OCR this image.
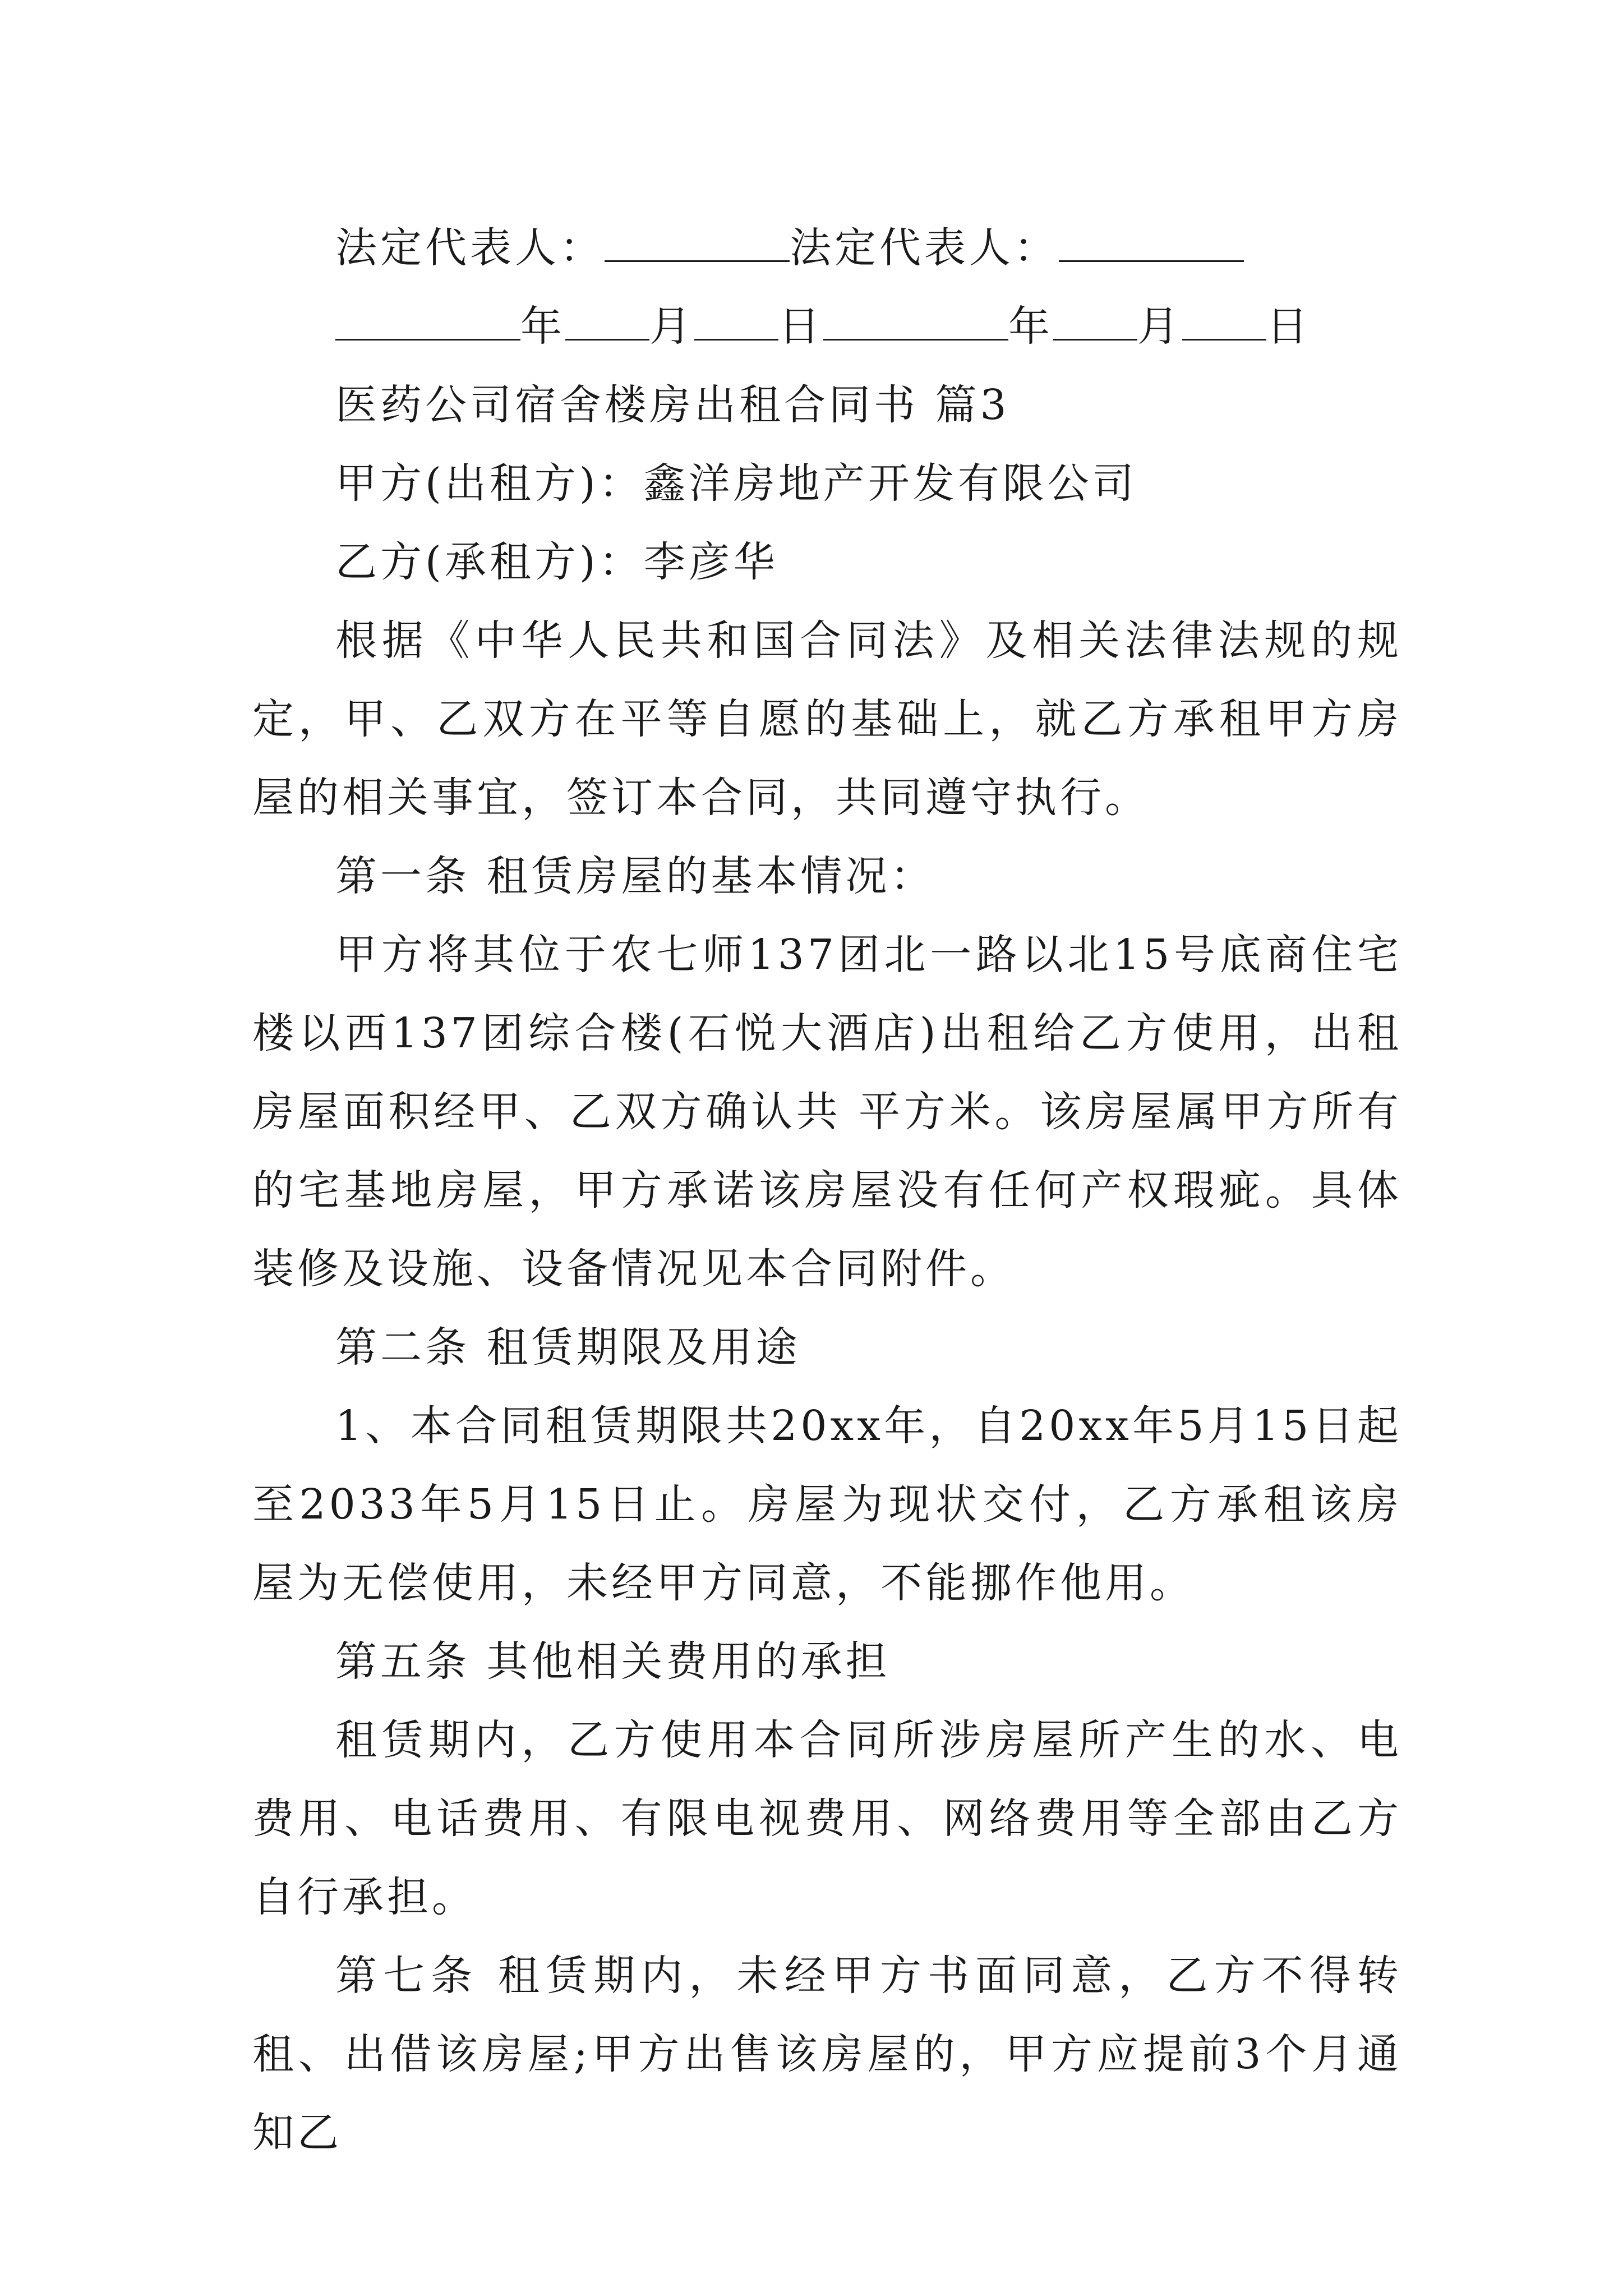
法定代表人：	法定代表人：

年 月 日	年 月 日

医药公司宿舍楼房出租合同书 篇3

甲方(出租方)：鑫洋房地产开发有限公司

乙方(承租方)：李彦华

根据《中华人民共和国合同法》及相关法律法规的规定，甲、乙双方在平等自愿的基础上，就乙方承租甲方房屋的相关事宜，签订本合同，共同遵守执行。

第一条 租赁房屋的基本情况：

甲方将其位于农七师137团北一路以北15号底商住宅楼以西137团综合楼(石悦大酒店)出租给乙方使用，出租房屋面积经甲、乙双方确认共 平方米。该房屋属甲方所有的宅基地房屋，甲方承诺该房屋没有任何产权瑕疵。具体装修及设施、设备情况见本合同附件。

第二条 租赁期限及用途

1、本合同租赁期限共20xx年，自20xx年5月15日起至2033年5月15日止。房屋为现状交付，乙方承租该房屋为无偿使用，未经甲方同意，不能挪作他用。

第五条 其他相关费用的承担

租赁期内，乙方使用本合同所涉房屋所产生的水、电费用、电话费用、有限电视费用、网络费用等全部由乙方自行承担。

第七条 租赁期内，未经甲方书面同意，乙方不得转租、出借该房屋;甲方出售该房屋的，甲方应提前3个月通知乙
